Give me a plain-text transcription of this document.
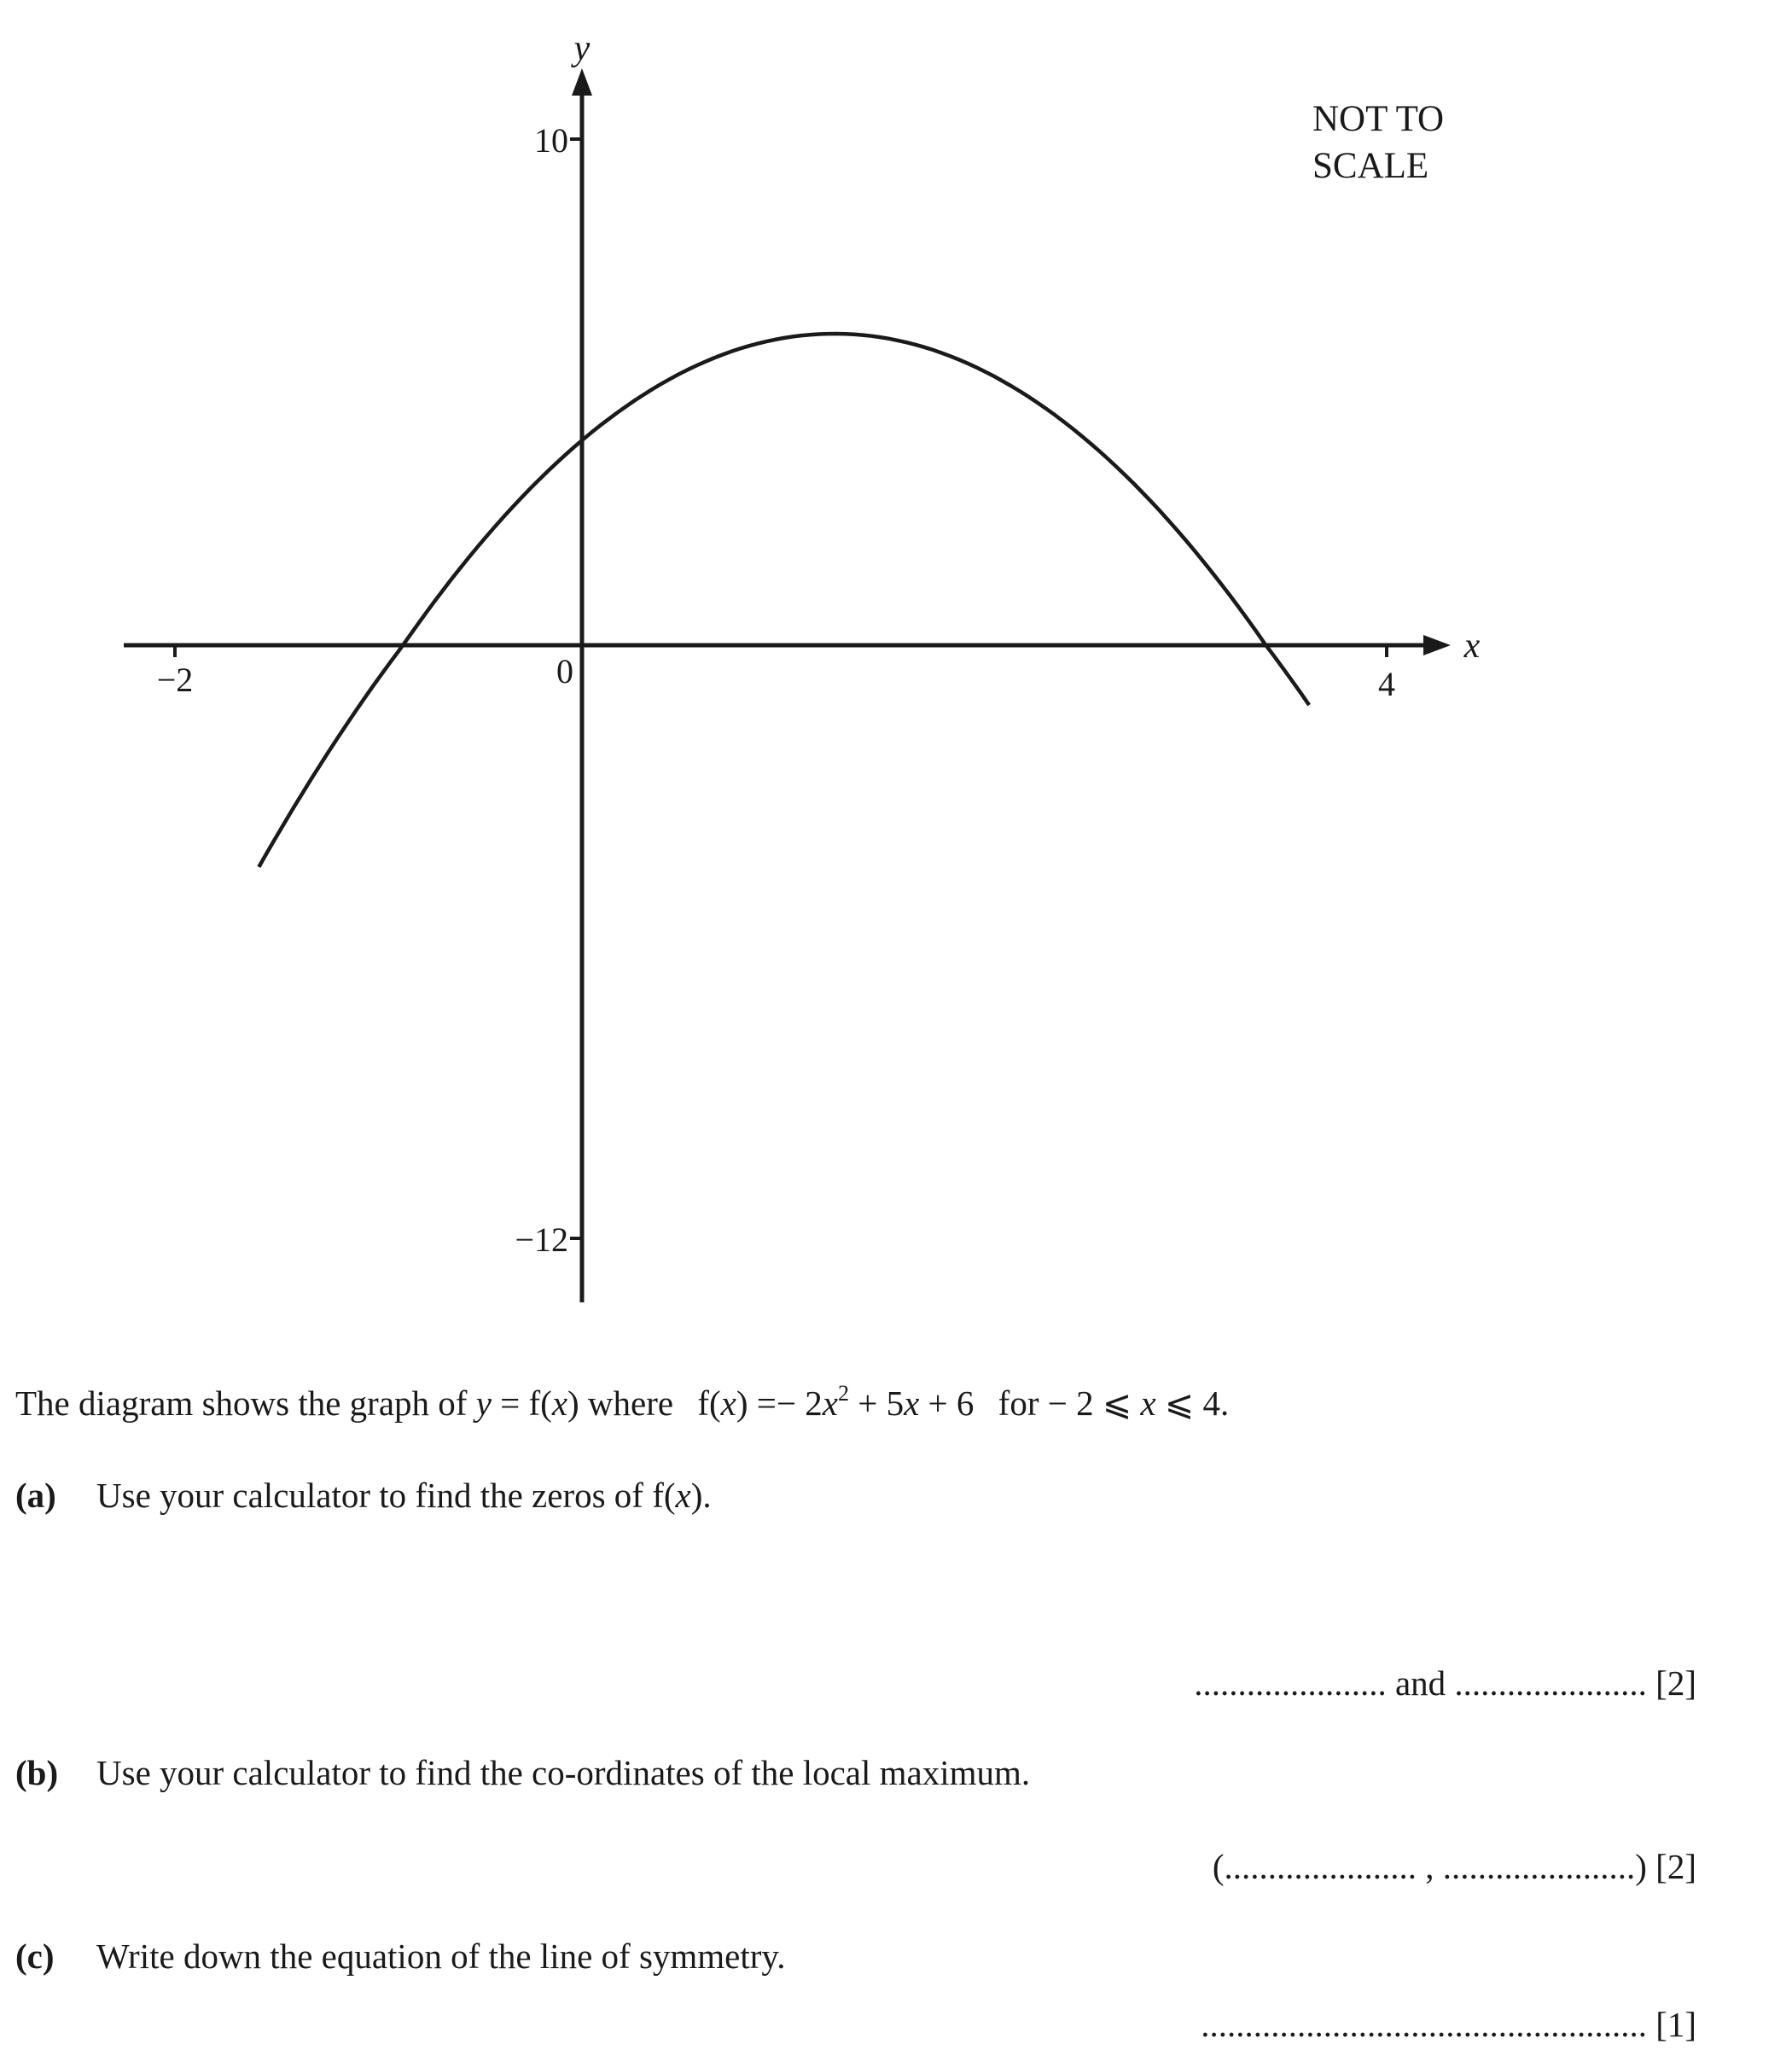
y
x
10
−12
−2	0	4
NOT TO
SCALE
The diagram shows the graph of y = f(x) where $f(x) =- 2x^2 + 5x + 6$ for − 2 ⩽ x ⩽ 4.
(a) Use your calculator to find the zeros of f(x).
...................... and ...................... [2]
(b) Use your calculator to find the co-ordinates of the local maximum.
(...................... , ......................) [2]
(c) Write down the equation of the line of symmetry.
................................................... [1]
